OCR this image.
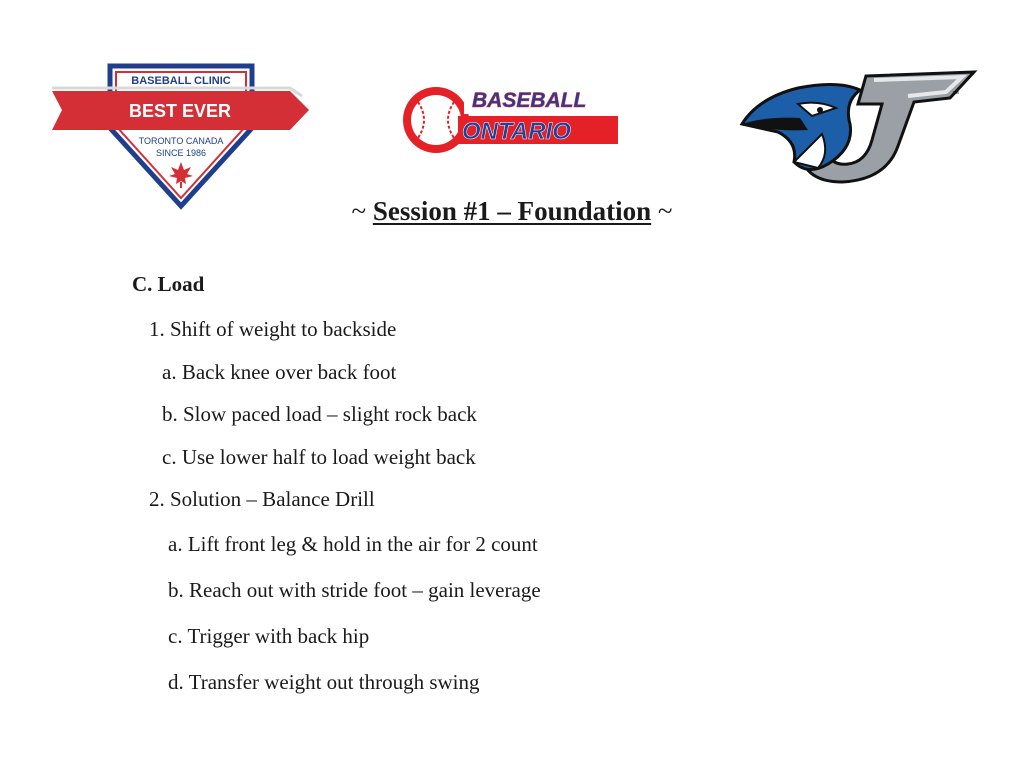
BASEBALL CLINIC
BEST EVER
TORONTO CANADA
SINCE 1986
BASEBALL
ONTARIO
™
~ Session #1 – Foundation ~
C. Load
1. Shift of weight to backside
a. Back knee over back foot
b. Slow paced load – slight rock back
c. Use lower half to load weight back
2. Solution – Balance Drill
a. Lift front leg & hold in the air for 2 count
b. Reach out with stride foot – gain leverage
c. Trigger with back hip
d. Transfer weight out through swing
